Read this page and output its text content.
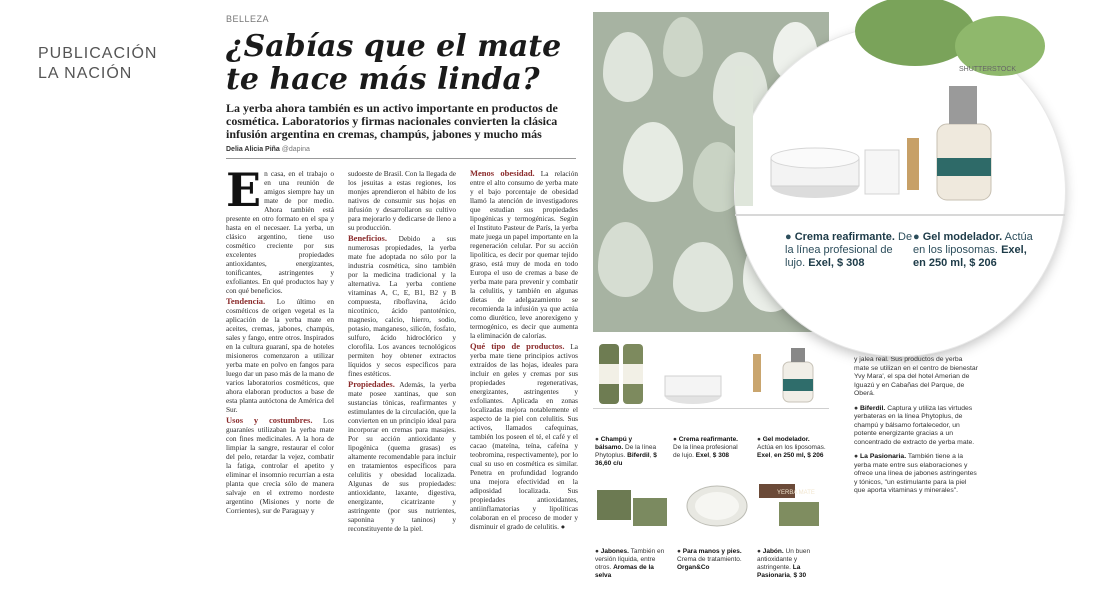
PUBLICACIÓN
LA NACIÓN
BELLEZA
¿Sabías que el mate te hace más linda?
La yerba ahora también es un activo importante en productos de cosmética. Laboratorios y firmas nacionales convierten la clásica infusión argentina en cremas, champús, jabones y mucho más
Delia Alicia Piña @dapina

En casa, en el trabajo o en una reunión de amigos siempre hay un mate de por medio. Ahora también está presente en otro formato en el spa y hasta en el necesaer. La yerba, un clásico argentino, tiene uso cosmético creciente por sus excelentes propiedades antioxidantes, energizantes, tonificantes, astringentes y exfoliantes. En qué productos hay y con qué beneficios.

Tendencia. Lo último en cosméticos de origen vegetal es la aplicación de la yerba mate en aceites, cremas, jabones, champús, sales y fango, entre otros. Inspirados en la cultura guaraní, spa de hoteles misioneros comenzaron a utilizar yerba mate en polvo en fangos para luego dar un paso más de la mano de varios laboratorios cosméticos, que ahora elaboran productos a base de esta planta autóctona de América del Sur.

Usos y costumbres. Los guaraníes utilizaban la yerba mate con fines medicinales. A la hora de limpiar la sangre, restaurar el color del pelo, retardar la vejez, combatir la fatiga, controlar el apetito y eliminar el insomnio recurrían a esta planta que crecía sólo de manera salvaje en el extremo nordeste argentino (Misiones y norte de Corrientes), sur de Paraguay y

sudoeste de Brasil. Con la llegada de los jesuitas a estas regiones, los monjes aprendieron el hábito de los nativos de consumir sus hojas en infusión y desarrollaron su cultivo para mejorarlo y dedicarse de lleno a su producción.

Beneficios. Debido a sus numerosas propiedades, la yerba mate fue adoptada no sólo por la industria cosmética, sino también por la medicina tradicional y la alternativa. La yerba contiene vitaminas A, C, E, B1, B2 y B compuesta, riboflavina, ácido nicotínico, ácido pantoténico, magnesio, calcio, hierro, sodio, potasio, manganeso, silicón, fosfato, sulfuro, ácido hidroclórico y clorofila. Los avances tecnológicos permiten hoy obtener extractos líquidos y secos específicos para fines estéticos.

Propiedades. Además, la yerba mate posee xantinas, que son sustancias tónicas, reafirmantes y estimulantes de la circulación, que la convierten en un principio ideal para incorporar en cremas para masajes. Por su acción antioxidante y lipogénica (quema grasas) es altamente recomendable para incluir en tratamientos específicos para celulitis y obesidad localizada. Algunas de sus propiedades: antioxidante, laxante, digestiva, energizante, cicatrizante y astringente (por sus nutrientes, saponina y taninos) y reconstituyente de la piel.

Menos obesidad. La relación entre el alto consumo de yerba mate y el bajo porcentaje de obesidad llamó la atención de investigadores que estudian sus propiedades lipogénicas y termogénicas. Según el Instituto Pasteur de París, la yerba mate juega un papel importante en la regeneración celular. Por su acción lipolítica, es decir por quemar tejido graso, está muy de moda en todo Europa el uso de cremas a base de yerba mate para prevenir y combatir la celulitis, y también en algunas dietas de adelgazamiento se recomienda la infusión ya que actúa como diurético, leve anorexígeno y termogénico, es decir que aumenta la eliminación de calorías.

Qué tipo de productos. La yerba mate tiene principios activos extraídos de las hojas, ideales para incluir en geles y cremas por sus propiedades regenerativas, energizantes, astringentes y exfoliantes. Aplicada en zonas localizadas mejora notablemente el aspecto de la piel con celulitis. Sus activos, llamados cafequinas, también los poseen el té, el café y el cacao (mateína, teína, cafeína y teobromina, respectivamente), por lo cual su uso en cosmética es similar. Penetra en profundidad logrando una mejora efectividad en la adiposidad localizada. Sus propiedades antioxidantes, antiinflamatorias y lipolíticas colaboran en el proceso de moder y disminuir el grado de celulitis. ●

● Champú y bálsamo. De la línea Phytoplus. Biferdil, $ 36,60 c/u
● Crema reafirmante. De la línea profesional de lujo. Exel, $ 308
● Gel modelador. Actúa en los liposomas. Exel, en 250 ml, $ 206
YERBA MATE
● Jabones. También en versión líquida, entre otros. Aromas de la selva
● Para manos y pies. Crema de tratamiento. Organ&Co
● Jabón. Un buen antioxidante y astringente. La Pasionaria, $ 30

y jalea real. Sus productos de yerba mate se utilizan en el centro de bienestar Yvy Mara', el spa del hotel Amerian de Iguazú y en Cabañas del Parque, de Oberá.

● Biferdil. Captura y utiliza las virtudes yerbateras en la línea Phytoplus, de champú y bálsamo fortalecedor, un potente energizante gracias a un concentrado de extracto de yerba mate.

● La Pasionaria. También tiene a la yerba mate entre sus elaboraciones y ofrece una línea de jabones astringentes y tónicos, "un estimulante para la piel que aporta vitaminas y minerales".

SHUTTERSTOCK
● Crema reafirmante. De la línea profesional de lujo. Exel, $ 308
● Gel modelador. Actúa en los liposomas. Exel, en 250 ml, $ 206
